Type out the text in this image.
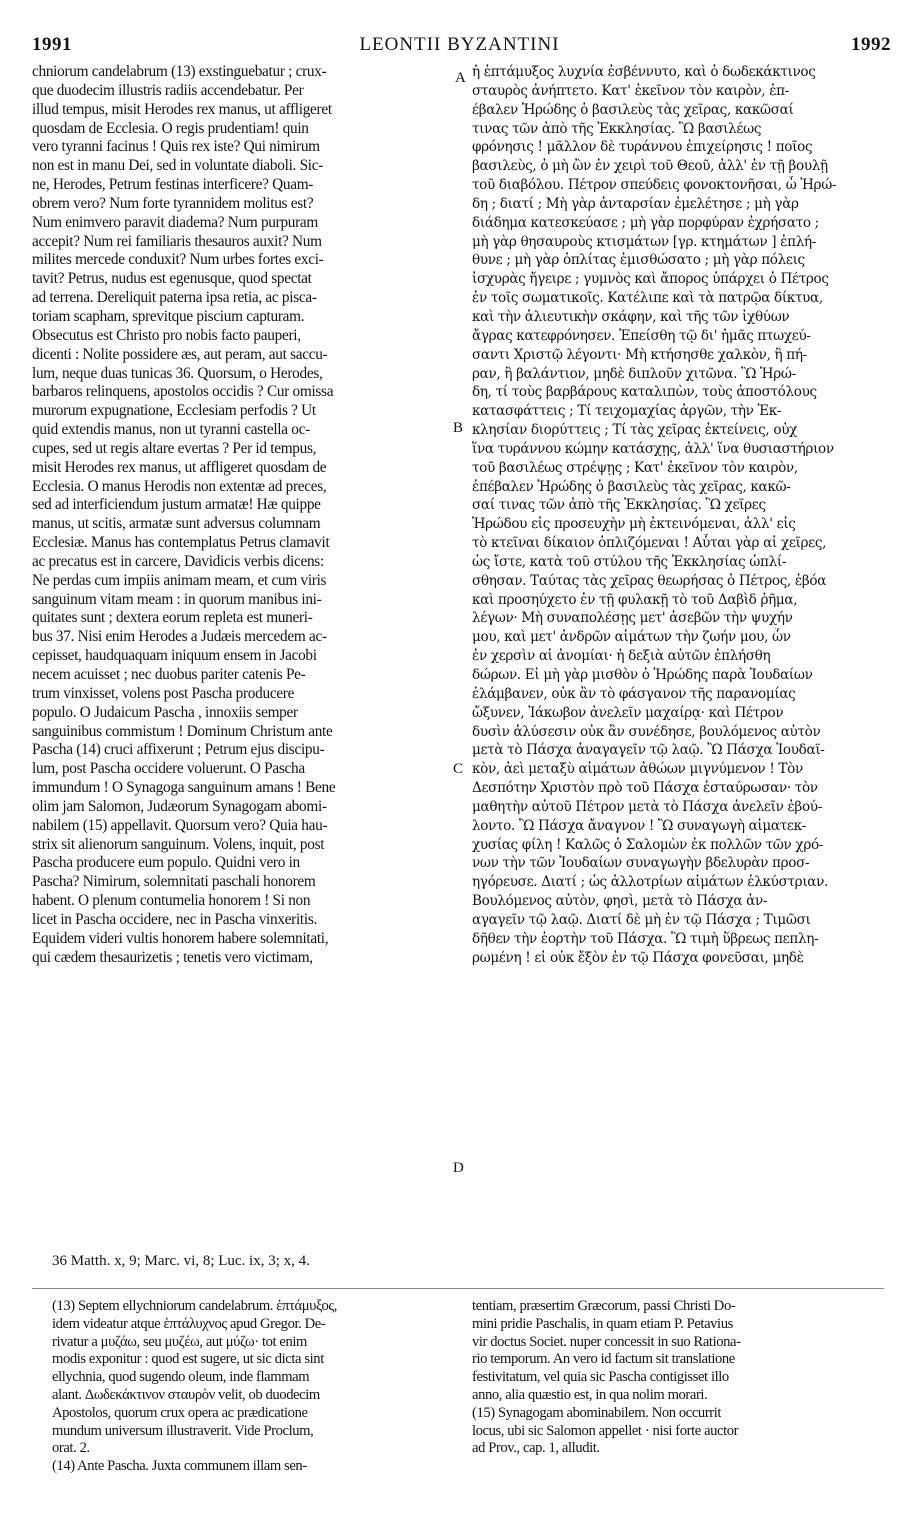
1991	LEONTII BYZANTINI	1992
chniorum candelabrum (13) exstinguebatur ; crux-
que duodecim illustris radiis accendebatur. Per
illud tempus, misit Herodes rex manus, ut affligeret
quosdam de Ecclesia. O regis prudentiam! quin
vero tyranni facinus ! Quis rex iste? Qui nimirum
non est in manu Dei, sed in voluntate diaboli. Sic-
ne, Herodes, Petrum festinas interficere? Quam-
obrem vero? Num forte tyrannidem molitus est?
Num enimvero paravit diadema? Num purpuram
accepit? Num rei familiaris thesauros auxit? Num
milites mercede conduxit? Num urbes fortes exci-
tavit? Petrus, nudus est egenusque, quod spectat
ad terrena. Dereliquit paterna ipsa retia, ac pisca-
toriam scapham, sprevitque piscium capturam.
Obsecutus est Christo pro nobis facto pauperi,
dicenti : Nolite possidere æs, aut peram, aut saccu-
lum, neque duas tunicas 36. Quorsum, o Herodes,
barbaros relinquens, apostolos occidis ? Cur omissa
murorum expugnatione, Ecclesiam perfodis ? Ut
quid extendis manus, non ut tyranni castella oc-
cupes, sed ut regis altare evertas ? Per id tempus,
misit Herodes rex manus, ut affligeret quosdam de
Ecclesia. O manus Herodis non extentæ ad preces,
sed ad interficiendum justum armatæ! Hæ quippe
manus, ut scitis, armatæ sunt adversus columnam
Ecclesiæ. Manus has contemplatus Petrus clamavit
ac precatus est in carcere, Davidicis verbis dicens:
Ne perdas cum impiis animam meam, et cum viris
sanguinum vitam meam : in quorum manibus ini-
quitates sunt ; dextera eorum repleta est muneri-
bus 37. Nisi enim Herodes a Judæis mercedem ac-
cepisset, haudquaquam iniquum ensem in Jacobi
necem acuisset ; nec duobus pariter catenis Pe-
trum vinxisset, volens post Pascha producere
populo. O Judaicum Pascha , innoxiis semper
sanguinibus commistum ! Dominum Christum ante
Pascha (14) cruci affixerunt ; Petrum ejus discipu-
lum, post Pascha occidere voluerunt. O Pascha
immundum ! O Synagoga sanguinum amans ! Bene
olim jam Salomon, Judæorum Synagogam abomi-
nabilem (15) appellavit. Quorsum vero? Quia hau-
strix sit alienorum sanguinum. Volens, inquit, post
Pascha producere eum populo. Quidni vero in
Pascha? Nimirum, solemnitati paschali honorem
habent. O plenum contumelia honorem ! Si non
licet in Pascha occidere, nec in Pascha vinxeritis.
Equidem videri vultis honorem habere solemnitati,
qui cædem thesaurizetis ; tenetis vero victimam,
ἡ ἑπτάμυξος λυχνία ἐσβέννυτο, καὶ ὁ δωδεκάκτινος
σταυρὸς ἀνήπτετο. Κατ' ἐκεῖνον τὸν καιρὸν, ἐπ-
έβαλεν Ἡρώδης ὁ βασιλεὺς τὰς χεῖρας, κακῶσαί
τινας τῶν ἀπὸ τῆς Ἐκκλησίας. Ὢ βασιλέως
φρόνησις ! μᾶλλον δὲ τυράννου ἐπιχείρησις ! ποῖος
βασιλεὺς, ὁ μὴ ὢν ἐν χειρὶ τοῦ Θεοῦ, ἀλλ' ἐν τῇ βουλῇ
τοῦ διαβόλου. Πέτρον σπεύδεις φονοκτονῆσαι, ὦ Ἡρώ-
δη ; διατί ; Μὴ γὰρ ἀνταρσίαν ἐμελέτησε ; μὴ γὰρ
διάδημα κατεσκεύασε ; μὴ γὰρ πορφύραν ἐχρήσατο ;
μὴ γὰρ θησαυροὺς κτισμάτων [γρ. κτημάτων ] ἐπλή-
θυνε ; μὴ γὰρ ὁπλίτας ἐμισθώσατο ; μὴ γὰρ πόλεις
ἰσχυρὰς ἤγειρε ; γυμνὸς καὶ ἄπορος ὑπάρχει ὁ Πέτρος
ἐν τοῖς σωματικοῖς. Κατέλιπε καὶ τὰ πατρῷα δίκτυα,
καὶ τὴν ἁλιευτικὴν σκάφην, καὶ τῆς τῶν ἰχθύων
ἄγρας κατεφρόνησεν. Ἐπείσθη τῷ δι' ἡμᾶς πτωχεύ-
σαντι Χριστῷ λέγοντι· Μὴ κτήσησθε χαλκὸν, ἢ πή-
ραν, ἢ βαλάντιον, μηδὲ διπλοῦν χιτῶνα. Ὢ Ἡρώ-
δη, τί τοὺς βαρβάρους καταλιπὼν, τοὺς ἀποστόλους
κατασφάττεις ; Τί τειχομαχίας ἀργῶν, τὴν Ἐκ-
κλησίαν διορύττεις ; Τί τὰς χεῖρας ἐκτείνεις, οὐχ
ἵνα τυράννου κώμην κατάσχῃς, ἀλλ' ἵνα θυσιαστήριον
τοῦ βασιλέως στρέψῃς ; Κατ' ἐκεῖνον τὸν καιρὸν,
ἐπέβαλεν Ἡρώδης ὁ βασιλεὺς τὰς χεῖρας, κακῶ-
σαί τινας τῶν ἀπὸ τῆς Ἐκκλησίας. Ὢ χεῖρες
Ἡρώδου εἰς προσευχὴν μὴ ἐκτεινόμεναι, ἀλλ' εἰς
τὸ κτεῖναι δίκαιον ὁπλιζόμεναι ! Αὗται γὰρ αἱ χεῖρες,
ὡς ἴστε, κατὰ τοῦ στύλου τῆς Ἐκκλησίας ὡπλί-
σθησαν. Ταύτας τὰς χεῖρας θεωρήσας ὁ Πέτρος, ἐβόα
καὶ προσηύχετο ἐν τῇ φυλακῇ τὸ τοῦ Δαβὶδ ῥῆμα,
λέγων· Μὴ συναπολέσῃς μετ' ἀσεβῶν τὴν ψυχήν
μου, καὶ μετ' ἀνδρῶν αἱμάτων τὴν ζωήν μου, ὧν
ἐν χερσὶν αἱ ἀνομίαι· ἡ δεξιὰ αὐτῶν ἐπλήσθη
δώρων. Εἰ μὴ γὰρ μισθὸν ὁ Ἡρώδης παρὰ Ἰουδαίων
ἐλάμβανεν, οὐκ ἂν τὸ φάσγανον τῆς παρανομίας
ὤξυνεν, Ἰάκωβον ἀνελεῖν μαχαίρᾳ· καὶ Πέτρον
δυσὶν ἁλύσεσιν οὐκ ἂν συνέδησε, βουλόμενος αὐτὸν
μετὰ τὸ Πάσχα ἀναγαγεῖν τῷ λαῷ. Ὢ Πάσχα Ἰουδαϊ-
κὸν, ἀεὶ μεταξὺ αἱμάτων ἀθώων μιγνύμενον ! Τὸν
Δεσπότην Χριστὸν πρὸ τοῦ Πάσχα ἐσταύρωσαν· τὸν
μαθητὴν αὐτοῦ Πέτρον μετὰ τὸ Πάσχα ἀνελεῖν ἐβού-
λοντο. Ὢ Πάσχα ἄναγνον ! Ὢ συναγωγὴ αἱματεκ-
χυσίας φίλη ! Καλῶς ὁ Σαλομὼν ἐκ πολλῶν τῶν χρό-
νων τὴν τῶν Ἰουδαίων συναγωγὴν βδελυρὰν προσ-
ηγόρευσε. Διατί ; ὡς ἀλλοτρίων αἱμάτων ἑλκύστριαν.
Βουλόμενος αὐτὸν, φησὶ, μετὰ τὸ Πάσχα ἀν-
αγαγεῖν τῷ λαῷ. Διατί δὲ μὴ ἐν τῷ Πάσχα ; Τιμῶσι
δῆθεν τὴν ἑορτὴν τοῦ Πάσχα. Ὢ τιμὴ ὕβρεως πεπλη-
ρωμένη ! εἰ οὐκ ἔξὸν ἐν τῷ Πάσχα φονεῦσαι, μηδὲ
A
B
C
D
36 Matth. x, 9; Marc. vi, 8; Luc. ix, 3; x, 4.
(13) Septem ellychniorum candelabrum. ἑπτάμυξος,
idem videatur atque ἑπτάλυχνος apud Gregor. De-
rivatur a μυζάω, seu μυζέω, aut μύζω· tot enim
modis exponitur : quod est sugere, ut sic dicta sint
ellychnia, quod sugendo oleum, inde flammam
alant. Δωδεκάκτινον σταυρὸν velit, ob duodecim
Apostolos, quorum crux opera ac prædicatione
mundum universum illustraverit. Vide Proclum,
orat. 2.
(14) Ante Pascha. Juxta communem illam sen-
tentiam, præsertim Græcorum, passi Christi Do-
mini pridie Paschalis, in quam etiam P. Petavius
vir doctus Societ. nuper concessit in suo Rationa-
rio temporum. An vero id factum sit translatione
festivitatum, vel quia sic Pascha contigisset illo
anno, alia quæstio est, in qua nolim morari.
(15) Synagogam abominabilem. Non occurrit
locus, ubi sic Salomon appellet · nisi forte auctor
ad Prov., cap. 1, alludit.
